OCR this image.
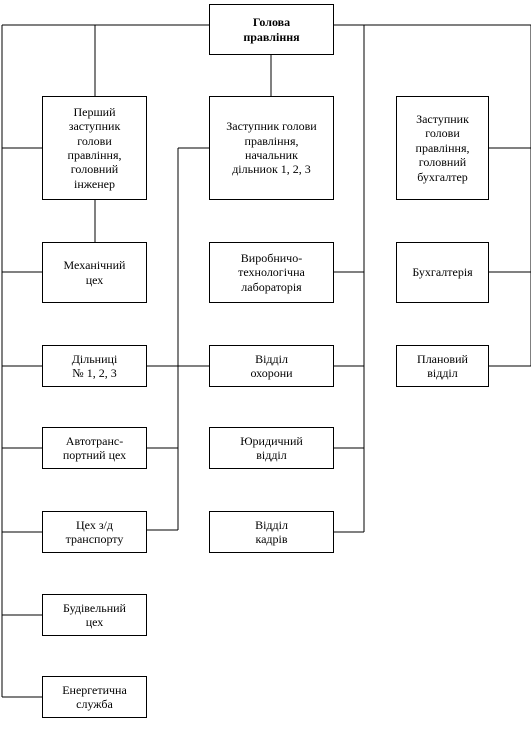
Голова
правління
Перший
заступник
голови
правління,
головний
інженер
Механічний
цех
Дільниці
№ 1, 2, 3
Автотранс-
портний цех
Цех з/д
транспорту
Будівельний
цех
Енергетична
служба
Заступник голови
правління,
начальник
дільниок 1, 2, 3
Виробничо-
технологічна
лабораторія
Відділ
охорони
Юридичний
відділ
Відділ
кадрів
Заступник
голови
правління,
головний
бухгалтер
Бухгалтерія
Плановий
відділ
